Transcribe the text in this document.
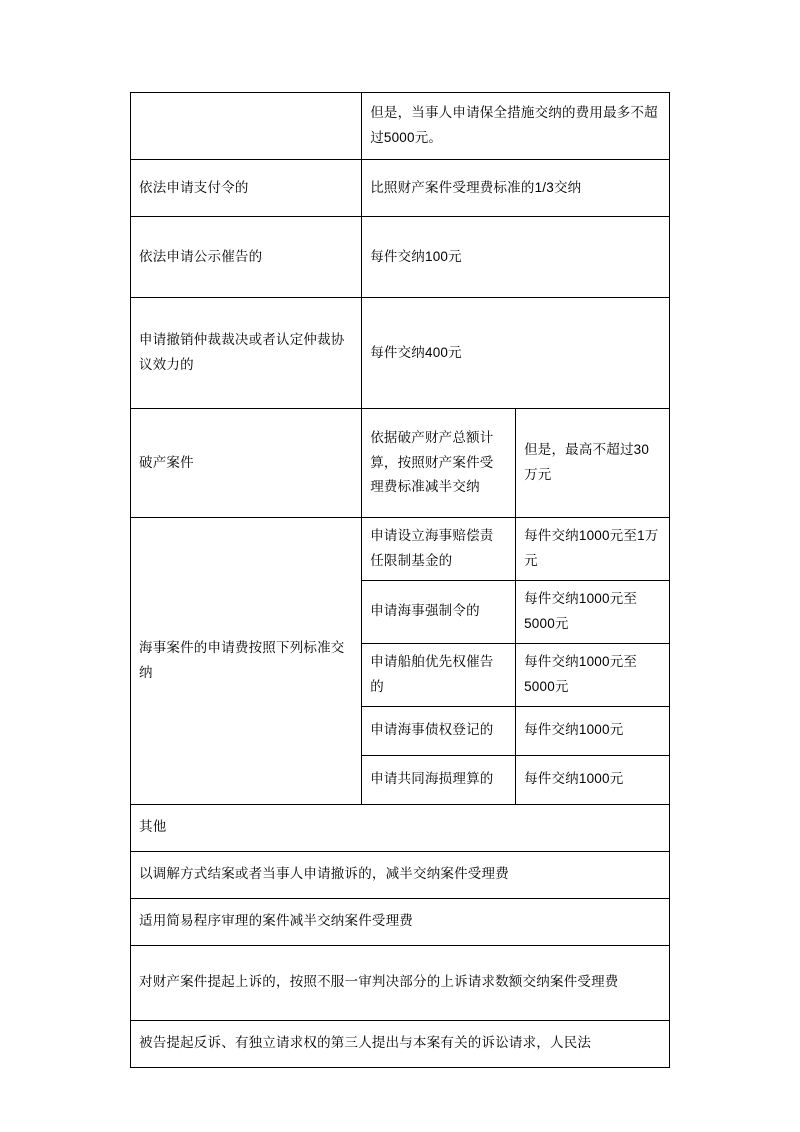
	但是，当事人申请保全措施交纳的费用最多不超过5000元。	
依法申请支付令的	比照财产案件受理费标准的1/3交纳	
依法申请公示催告的	每件交纳100元	
申请撤销仲裁裁决或者认定仲裁协议效力的	每件交纳400元	
破产案件	依据破产财产总额计算，按照财产案件受理费标准减半交纳	但是，最高不超过30万元
海事案件的申请费按照下列标准交纳	申请设立海事赔偿责任限制基金的	每件交纳1000元至1万元
	申请海事强制令的	每件交纳1000元至5000元
	申请船舶优先权催告的	每件交纳1000元至5000元
	申请海事债权登记的	每件交纳1000元
	申请共同海损理算的	每件交纳1000元
其他		
以调解方式结案或者当事人申请撤诉的，减半交纳案件受理费		
适用简易程序审理的案件减半交纳案件受理费		
对财产案件提起上诉的，按照不服一审判决部分的上诉请求数额交纳案件受理费		
被告提起反诉、有独立请求权的第三人提出与本案有关的诉讼请求，人民法		
